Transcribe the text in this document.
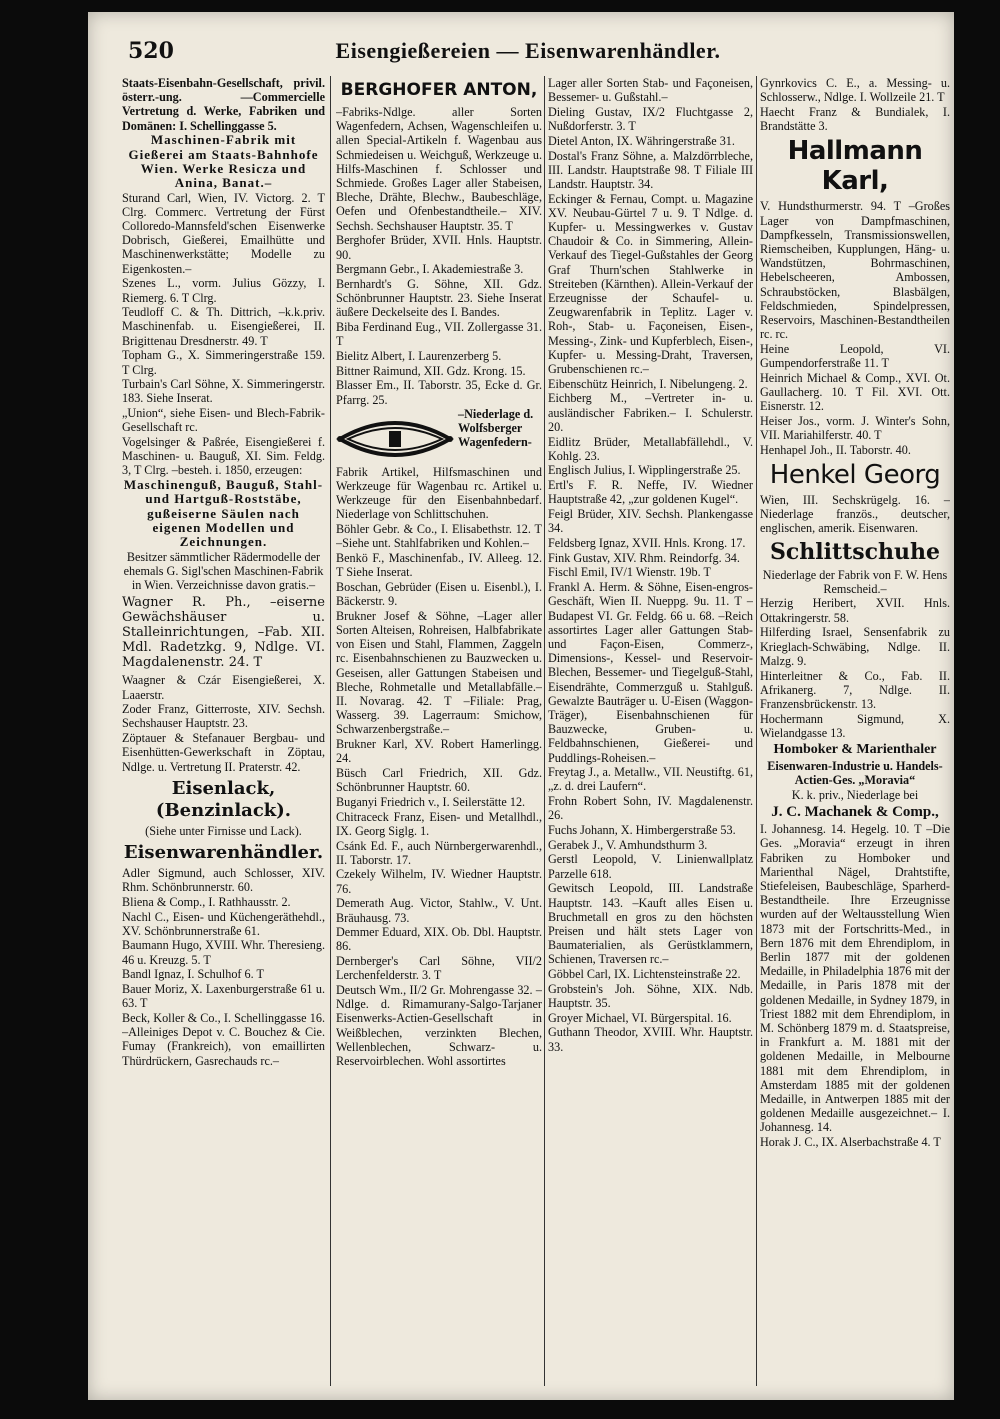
520	Eisengießereien — Eisenwarenhändler.
Staats-Eisenbahn-Gesellschaft, privil. österr.-ung. —Commercielle Vertretung d. Werke, Fabriken und Domänen: I. Schellinggasse 5.
Maschinen-Fabrik mit Gießerei am Staats-Bahnhofe Wien. Werke Resicza und Anina, Banat.–
Sturand Carl, Wien, IV. Victorg. 2. T Clrg. Commerc. Vertretung der Fürst Colloredo-Mannsfeld'schen Eisenwerke Dobrisch, Gießerei, Emailhütte und Maschinenwerkstätte; Modelle zu Eigenkosten.–
Szenes L., vorm. Julius Gözzy, I. Riemerg. 6. T Clrg.
Teudloff C. & Th. Dittrich, –k.k.priv. Maschinenfab. u. Eisengießerei, II. Brigittenau Dresdnerstr. 49. T
Topham G., X. Simmeringerstraße 159. T Clrg.
Turbain's Carl Söhne, X. Simmeringerstr. 183. Siehe Inserat.
„Union“, siehe Eisen- und Blech-Fabrik-Gesellschaft rc.
Vogelsinger & Paßrée, Eisengießerei f. Maschinen- u. Bauguß, XI. Sim. Feldg. 3, T Clrg. –besteh. i. 1850, erzeugen:
Maschinenguß, Bauguß, Stahl- und Hartguß-Roststäbe, gußeiserne Säulen nach eigenen Modellen und Zeichnungen.
Besitzer sämmtlicher Rädermodelle der ehemals G. Sigl'schen Maschinen-Fabrik in Wien. Verzeichnisse davon gratis.–
Wagner R. Ph., –eiserne Gewächshäuser u. Stalleinrichtungen, –Fab. XII. Mdl. Radetzkg. 9, Ndlge. VI. Magdalenenstr. 24. T
Waagner & Czár Eisengießerei, X. Laaerstr.
Zoder Franz, Gitterroste, XIV. Sechsh. Sechshauser Hauptstr. 23.
Zöptauer & Stefanauer Bergbau- und Eisenhütten-Gewerkschaft in Zöptau, Ndlge. u. Vertretung II. Praterstr. 42.
Eisenlack, (Benzinlack).
(Siehe unter Firnisse und Lack).
Eisenwarenhändler.
Adler Sigmund, auch Schlosser, XIV. Rhm. Schönbrunnerstr. 60.
Bliena & Comp., I. Rathhausstr. 2.
Nachl C., Eisen- und Küchengeräthehdl., XV. Schönbrunnerstraße 61.
Baumann Hugo, XVIII. Whr. Theresieng. 46 u. Kreuzg. 5. T
Bandl Ignaz, I. Schulhof 6. T
Bauer Moriz, X. Laxenburgerstraße 61 u. 63. T
Beck, Koller & Co., I. Schellinggasse 16. –Alleiniges Depot v. C. Bouchez & Cie. Fumay (Frankreich), von emaillirten Thürdrückern, Gasrechauds rc.–
BERGHOFER ANTON,
–Fabriks-Ndlge. aller Sorten Wagenfedern, Achsen, Wagenschleifen u. allen Special-Artikeln f. Wagenbau aus Schmiedeisen u. Weichguß, Werkzeuge u. Hilfs-Maschinen f. Schlosser und Schmiede. Großes Lager aller Stabeisen, Bleche, Drähte, Blechw., Baubeschläge, Oefen und Ofenbestandtheile.– XIV. Sechsh. Sechshauser Hauptstr. 35. T
Berghofer Brüder, XVII. Hnls. Hauptstr. 90.
Bergmann Gebr., I. Akademiestraße 3.
Bernhardt's G. Söhne, XII. Gdz. Schönbrunner Hauptstr. 23. Siehe Inserat äußere Deckelseite des I. Bandes.
Biba Ferdinand Eug., VII. Zollergasse 31. T
Bielitz Albert, I. Laurenzerberg 5.
Bittner Raimund, XII. Gdz. Krong. 15.
Blasser Em., II. Taborstr. 35, Ecke d. Gr. Pfarrg. 25.
–Niederlage d. Wolfsberger Wagenfedern-
Fabrik Artikel, Hilfsmaschinen und Werkzeuge für Wagenbau rc. Artikel u. Werkzeuge für den Eisenbahnbedarf. Niederlage von Schlittschuhen.
Böhler Gebr. & Co., I. Elisabethstr. 12. T –Siehe unt. Stahlfabriken und Kohlen.–
Benkö F., Maschinenfab., IV. Alleeg. 12. T Siehe Inserat.
Boschan, Gebrüder (Eisen u. Eisenbl.), I. Bäckerstr. 9.
Brukner Josef & Söhne, –Lager aller Sorten Alteisen, Rohreisen, Halbfabrikate von Eisen und Stahl, Flammen, Zaggeln rc. Eisenbahnschienen zu Bauzwecken u. Geseisen, aller Gattungen Stabeisen und Bleche, Rohmetalle und Metallabfälle.– II. Novarag. 42. T –Filiale: Prag, Wasserg. 39. Lagerraum: Smichow, Schwarzenbergstraße.–
Brukner Karl, XV. Robert Hamerlingg. 24.
Büsch Carl Friedrich, XII. Gdz. Schönbrunner Hauptstr. 60.
Buganyi Friedrich v., I. Seilerstätte 12.
Chitraceck Franz, Eisen- und Metallhdl., IX. Georg Siglg. 1.
Csánk Ed. F., auch Nürnbergerwarenhdl., II. Taborstr. 17.
Czekely Wilhelm, IV. Wiedner Hauptstr. 76.
Demerath Aug. Victor, Stahlw., V. Unt. Bräuhausg. 73.
Demmer Eduard, XIX. Ob. Dbl. Hauptstr. 86.
Dernberger's Carl Söhne, VII/2 Lerchenfelderstr. 3. T
Deutsch Wm., II/2 Gr. Mohrengasse 32. –Ndlge. d. Rimamurany-Salgo-Tarjaner Eisenwerks-Actien-Gesellschaft in Weißblechen, verzinkten Blechen, Wellenblechen, Schwarz- u. Reservoirblechen. Wohl assortirtes
Lager aller Sorten Stab- und Façoneisen, Bessemer- u. Gußstahl.–
Dieling Gustav, IX/2 Fluchtgasse 2, Nußdorferstr. 3. T
Dietel Anton, IX. Währingerstraße 31.
Dostal's Franz Söhne, a. Malzdörrbleche, III. Landstr. Hauptstraße 98. T Filiale III Landstr. Hauptstr. 34.
Eckinger & Fernau, Compt. u. Magazine XV. Neubau-Gürtel 7 u. 9. T Ndlge. d. Kupfer- u. Messingwerkes v. Gustav Chaudoir & Co. in Simmering, Allein-Verkauf des Tiegel-Gußstahles der Georg Graf Thurn'schen Stahlwerke in Streiteben (Kärnthen). Allein-Verkauf der Erzeugnisse der Schaufel- u. Zeugwarenfabrik in Teplitz. Lager v. Roh-, Stab- u. Façoneisen, Eisen-, Messing-, Zink- und Kupferblech, Eisen-, Kupfer- u. Messing-Draht, Traversen, Grubenschienen rc.–
Eibenschütz Heinrich, I. Nibelungeng. 2.
Eichberg M., –Vertreter in- u. ausländischer Fabriken.– I. Schulerstr. 20.
Eidlitz Brüder, Metallabfällehdl., V. Kohlg. 23.
Englisch Julius, I. Wipplingerstraße 25.
Ertl's F. R. Neffe, IV. Wiedner Hauptstraße 42, „zur goldenen Kugel“.
Feigl Brüder, XIV. Sechsh. Plankengasse 34.
Feldsberg Ignaz, XVII. Hnls. Krong. 17.
Fink Gustav, XIV. Rhm. Reindorfg. 34.
Fischl Emil, IV/1 Wienstr. 19b. T
Frankl A. Herm. & Söhne, Eisen-engros-Geschäft, Wien II. Nueppg. 9u. 11. T –Budapest VI. Gr. Feldg. 66 u. 68. –Reich assortirtes Lager aller Gattungen Stab- und Façon-Eisen, Commerz-, Dimensions-, Kessel- und Reservoir-Blechen, Bessemer- und Tiegelguß-Stahl, Eisendrähte, Commerzguß u. Stahlguß. Gewalzte Bauträger u. U-Eisen (Waggon-Träger), Eisenbahnschienen für Bauzwecke, Gruben- u. Feldbahnschienen, Gießerei- und Puddlings-Roheisen.–
Freytag J., a. Metallw., VII. Neustiftg. 61, „z. d. drei Laufern“.
Frohn Robert Sohn, IV. Magdalenenstr. 26.
Fuchs Johann, X. Himbergerstraße 53.
Gerabek J., V. Amhundsthurm 3.
Gerstl Leopold, V. Linienwallplatz Parzelle 618.
Gewitsch Leopold, III. Landstraße Hauptstr. 143. –Kauft alles Eisen u. Bruchmetall en gros zu den höchsten Preisen und hält stets Lager von Baumaterialien, als Gerüstklammern, Schienen, Traversen rc.–
Göbbel Carl, IX. Lichtensteinstraße 22.
Grobstein's Joh. Söhne, XIX. Ndb. Hauptstr. 35.
Groyer Michael, VI. Bürgerspital. 16.
Guthann Theodor, XVIII. Whr. Hauptstr. 33.
Gynrkovics C. E., a. Messing- u. Schlosserw., Ndlge. I. Wollzeile 21. T
Haecht Franz & Bundialek, I. Brandstätte 3.
Hallmann Karl,
V. Hundsthurmerstr. 94. T –Großes Lager von Dampfmaschinen, Dampfkesseln, Transmissionswellen, Riemscheiben, Kupplungen, Häng- u. Wandstützen, Bohrmaschinen, Hebelscheeren, Ambossen, Schraubstöcken, Blasbälgen, Feldschmieden, Spindelpressen, Reservoirs, Maschinen-Bestandtheilen rc. rc.
Heine Leopold, VI. Gumpendorferstraße 11. T
Heinrich Michael & Comp., XVI. Ot. Gaullacherg. 10. T Fil. XVI. Ott. Eisnerstr. 12.
Heiser Jos., vorm. J. Winter's Sohn, VII. Mariahilferstr. 40. T
Henhapel Joh., II. Taborstr. 40.
Henkel Georg
Wien, III. Sechskrügelg. 16. –Niederlage französ., deutscher, englischen, amerik. Eisenwaren.
Schlittschuhe
Niederlage der Fabrik von F. W. Hens Remscheid.–
Herzig Heribert, XVII. Hnls. Ottakringerstr. 58.
Hilferding Israel, Sensenfabrik zu Krieglach-Schwäbing, Ndlge. II. Malzg. 9.
Hinterleitner & Co., Fab. II. Afrikanerg. 7, Ndlge. II. Franzensbrückenstr. 13.
Hochermann Sigmund, X. Wielandgasse 13.
Homboker & Marienthaler
Eisenwaren-Industrie u. Handels-Actien-Ges. „Moravia“
K. k. priv., Niederlage bei
J. C. Machanek & Comp.,
I. Johannesg. 14. Hegelg. 10. T –Die Ges. „Moravia“ erzeugt in ihren Fabriken zu Homboker und Marienthal Nägel, Drahtstifte, Stiefeleisen, Baubeschläge, Sparherd-Bestandtheile. Ihre Erzeugnisse wurden auf der Weltausstellung Wien 1873 mit der Fortschritts-Med., in Bern 1876 mit dem Ehrendiplom, in Berlin 1877 mit der goldenen Medaille, in Philadelphia 1876 mit der Medaille, in Paris 1878 mit der goldenen Medaille, in Sydney 1879, in Triest 1882 mit dem Ehrendiplom, in M. Schönberg 1879 m. d. Staatspreise, in Frankfurt a. M. 1881 mit der goldenen Medaille, in Melbourne 1881 mit dem Ehrendiplom, in Amsterdam 1885 mit der goldenen Medaille, in Antwerpen 1885 mit der goldenen Medaille ausgezeichnet.– I. Johannesg. 14.
Horak J. C., IX. Alserbachstraße 4. T
